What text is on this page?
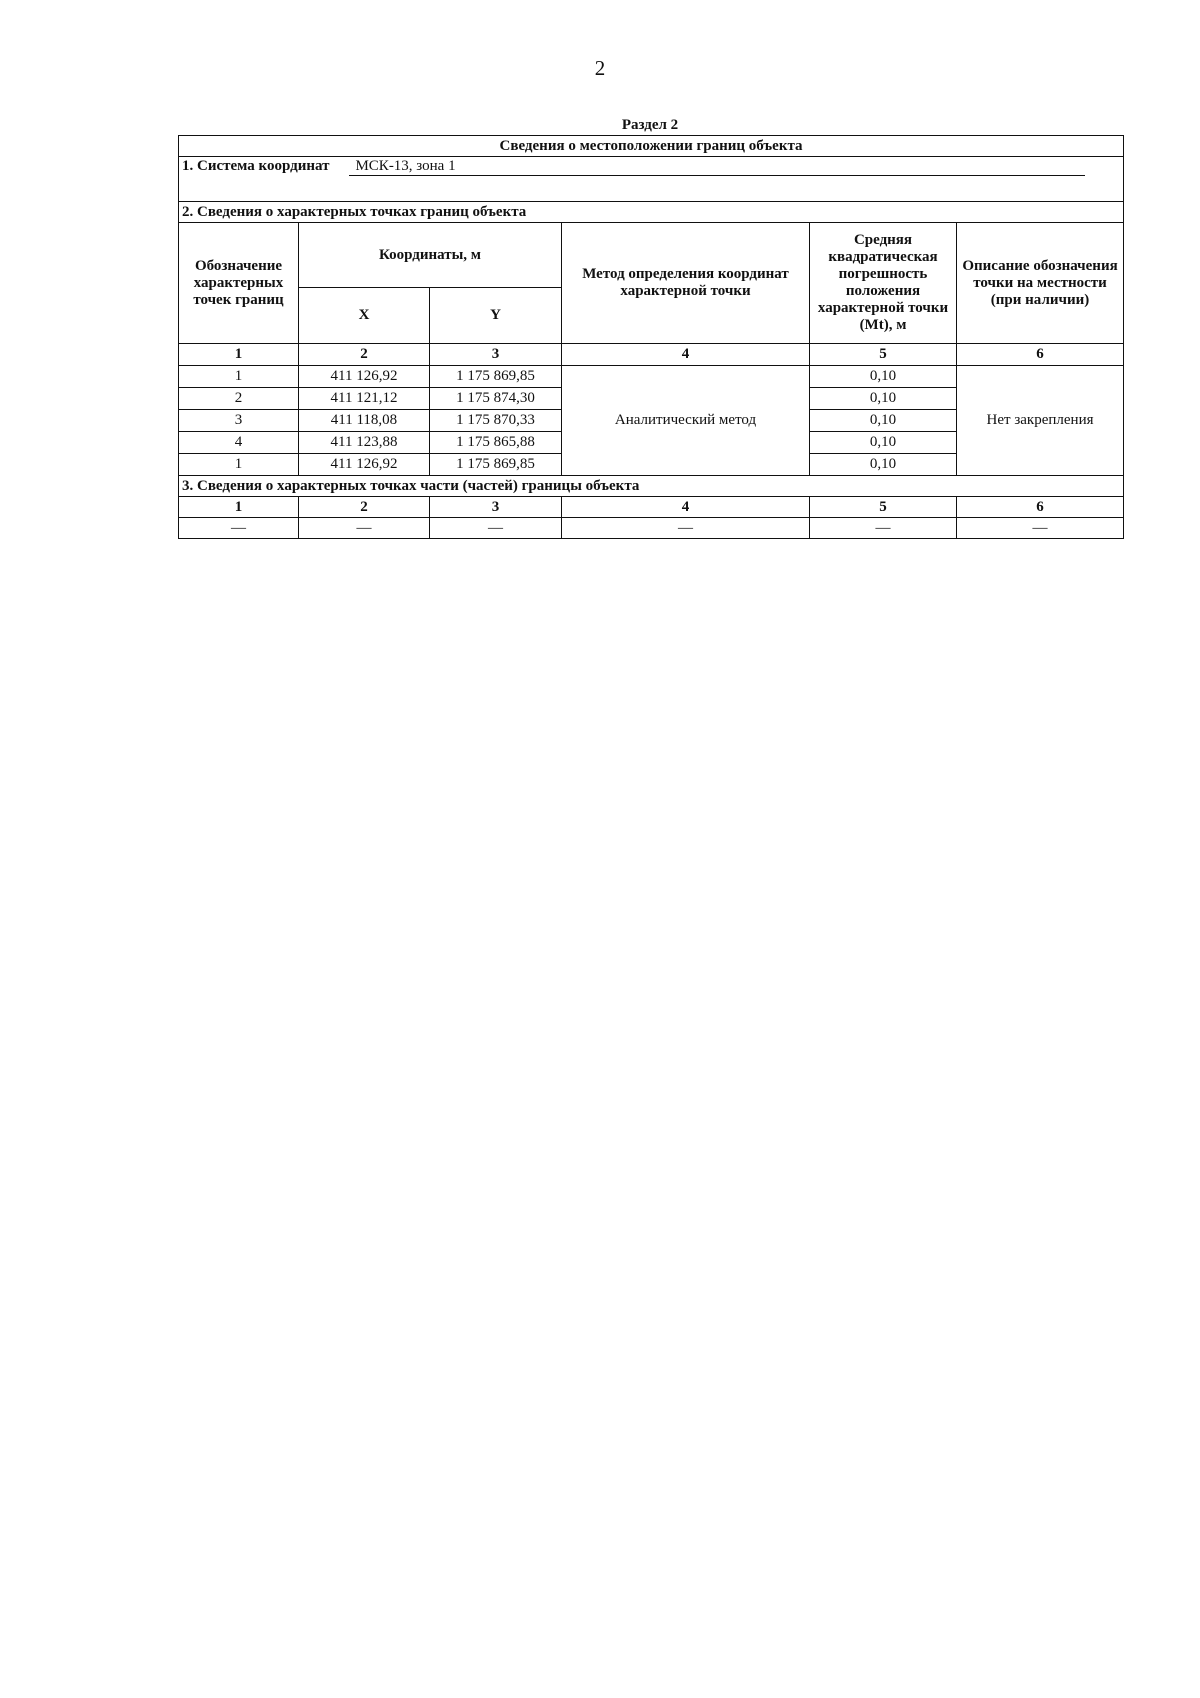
2
Раздел 2
Сведения о местоположении границ объекта					
1. Система координат МСК-13, зона 1					

2. Сведения о характерных точках границ объекта					
Обозначение характерных точек границ	Координаты, м		Метод определения координат характерной точки	Средняя квадратическая погрешность положения характерной точки (Mt), м	Описание обозначения точки на местности (при наличии)
	X	Y			
1	2	3	4	5	6
1	411 126,92	1 175 869,85	Аналитический метод	0,10	Нет закрепления
2	411 121,12	1 175 874,30		0,10	
3	411 118,08	1 175 870,33		0,10	
4	411 123,88	1 175 865,88		0,10	
1	411 126,92	1 175 869,85		0,10	
3. Сведения о характерных точках части (частей) границы объекта					
1	2	3	4	5	6
—	—	—	—	—	—
